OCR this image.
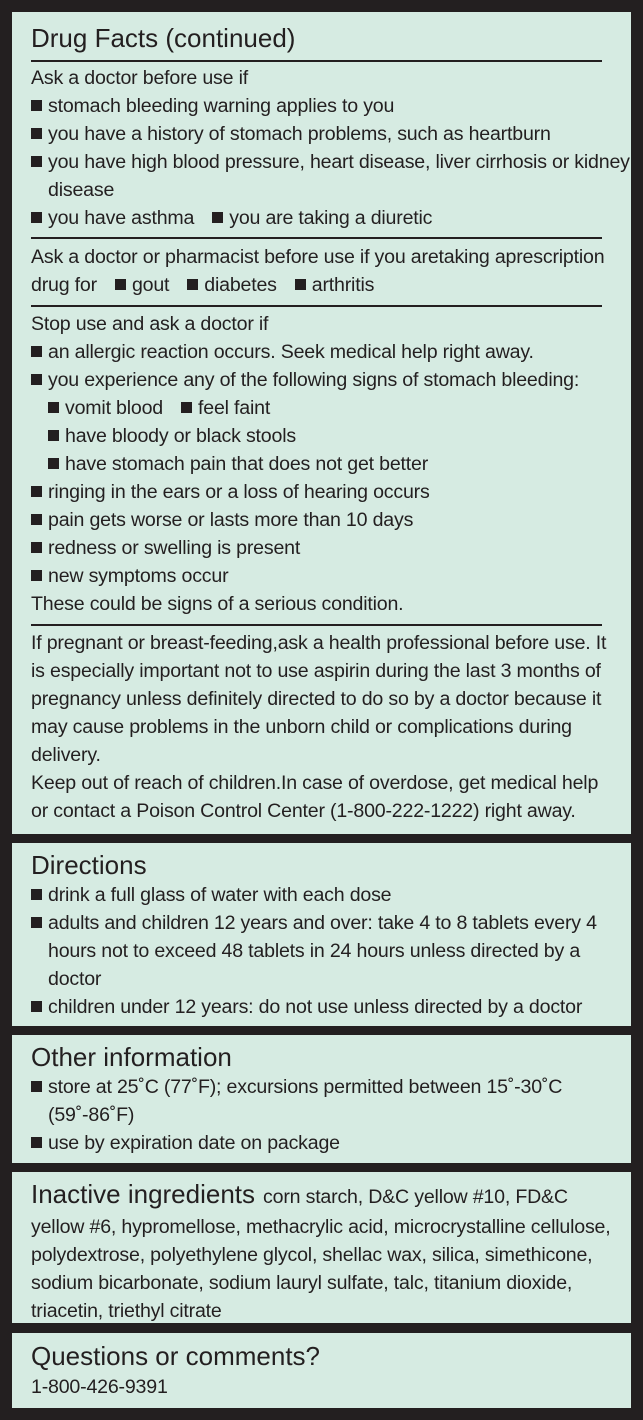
Drug Facts (continued)
Ask a doctor before use if
stomach bleeding warning applies to you
you have a history of stomach problems, such as heartburn
you have high blood pressure, heart disease, liver cirrhosis or kidney
disease
you have asthma you are taking a diuretic
Ask a doctor or pharmacist before use if you aretaking aprescription
drug for gout diabetes arthritis
Stop use and ask a doctor if
an allergic reaction occurs. Seek medical help right away.
you experience any of the following signs of stomach bleeding:
vomit blood feel faint
have bloody or black stools
have stomach pain that does not get better
ringing in the ears or a loss of hearing occurs
pain gets worse or lasts more than 10 days
redness or swelling is present
new symptoms occur
These could be signs of a serious condition.
If pregnant or breast-feeding,ask a health professional before use. It
is especially important not to use aspirin during the last 3 months of
pregnancy unless definitely directed to do so by a doctor because it
may cause problems in the unborn child or complications during
delivery.
Keep out of reach of children.In case of overdose, get medical help
or contact a Poison Control Center (1-800-222-1222) right away.
Directions
drink a full glass of water with each dose
adults and children 12 years and over: take 4 to 8 tablets every 4
hours not to exceed 48 tablets in 24 hours unless directed by a
doctor
children under 12 years: do not use unless directed by a doctor
Other information
store at 25˚C (77˚F); excursions permitted between 15˚-30˚C
(59˚-86˚F)
use by expiration date on package
Inactive ingredients corn starch, D&C yellow #10, FD&C
yellow #6, hypromellose, methacrylic acid, microcrystalline cellulose,
polydextrose, polyethylene glycol, shellac wax, silica, simethicone,
sodium bicarbonate, sodium lauryl sulfate, talc, titanium dioxide,
triacetin, triethyl citrate
Questions or comments?
1-800-426-9391
